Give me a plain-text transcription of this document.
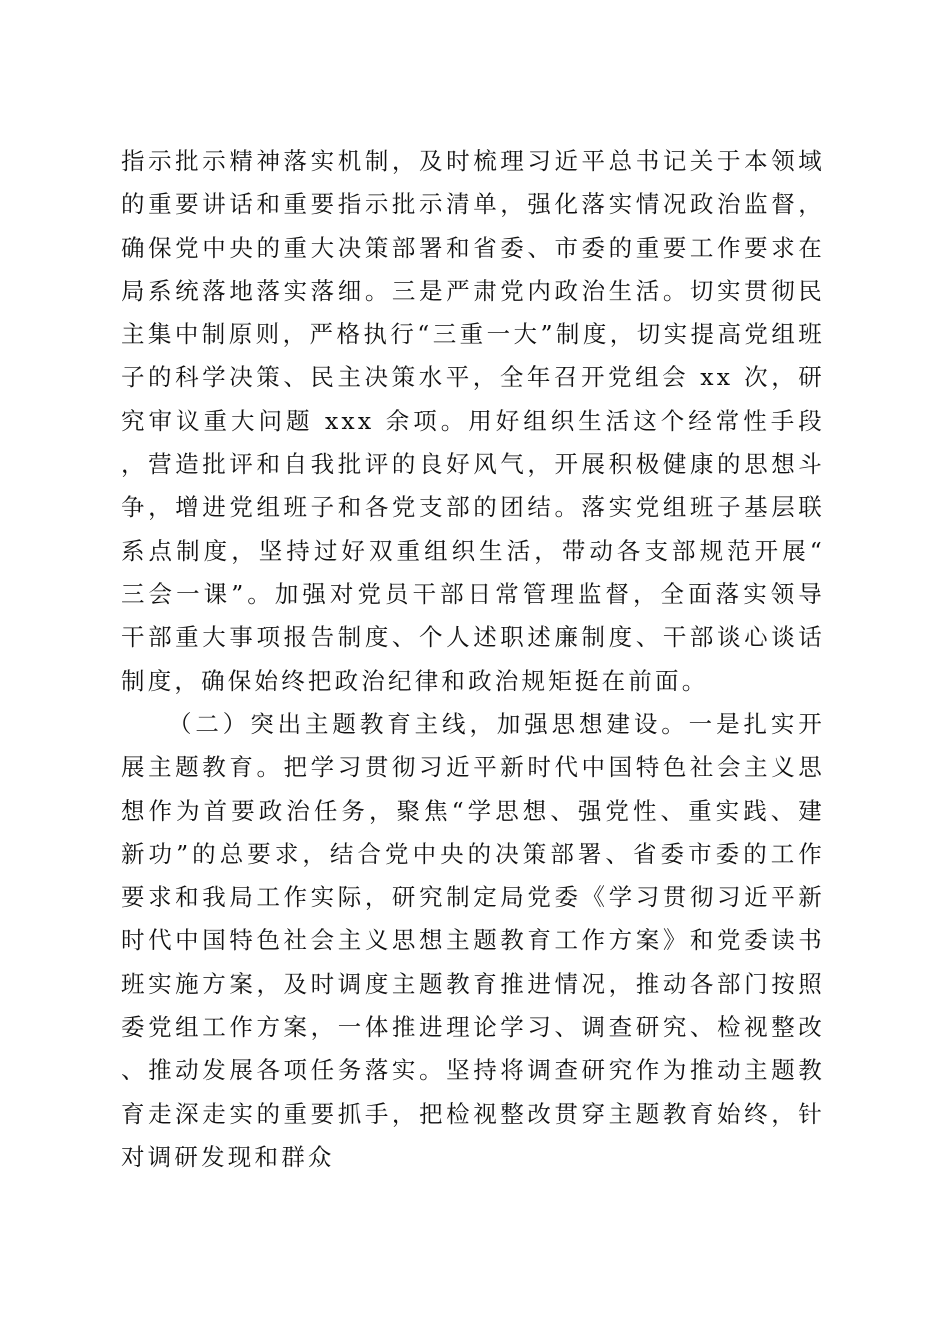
指示批示精神落实机制，及时梳理习近平总书记关于本领域的重要讲话和重要指示批示清单，强化落实情况政治监督，确保党中央的重大决策部署和省委、市委的重要工作要求在局系统落地落实落细。三是严肃党内政治生活。切实贯彻民主集中制原则，严格执行“三重一大”制度，切实提高党组班子的科学决策、民主决策水平，全年召开党组会 xx 次，研究审议重大问题 xxx 余项。用好组织生活这个经常性手段，营造批评和自我批评的良好风气，开展积极健康的思想斗争，增进党组班子和各党支部的团结。落实党组班子基层联系点制度，坚持过好双重组织生活，带动各支部规范开展“三会一课”。加强对党员干部日常管理监督，全面落实领导干部重大事项报告制度、个人述职述廉制度、干部谈心谈话制度，确保始终把政治纪律和政治规矩挺在前面。

（二）突出主题教育主线，加强思想建设。一是扎实开展主题教育。把学习贯彻习近平新时代中国特色社会主义思想作为首要政治任务，聚焦“学思想、强党性、重实践、建新功”的总要求，结合党中央的决策部署、省委市委的工作要求和我局工作实际，研究制定局党委《学习贯彻习近平新时代中国特色社会主义思想主题教育工作方案》和党委读书班实施方案，及时调度主题教育推进情况，推动各部门按照委党组工作方案，一体推进理论学习、调查研究、检视整改、推动发展各项任务落实。坚持将调查研究作为推动主题教育走深走实的重要抓手，把检视整改贯穿主题教育始终，针对调研发现和群众
